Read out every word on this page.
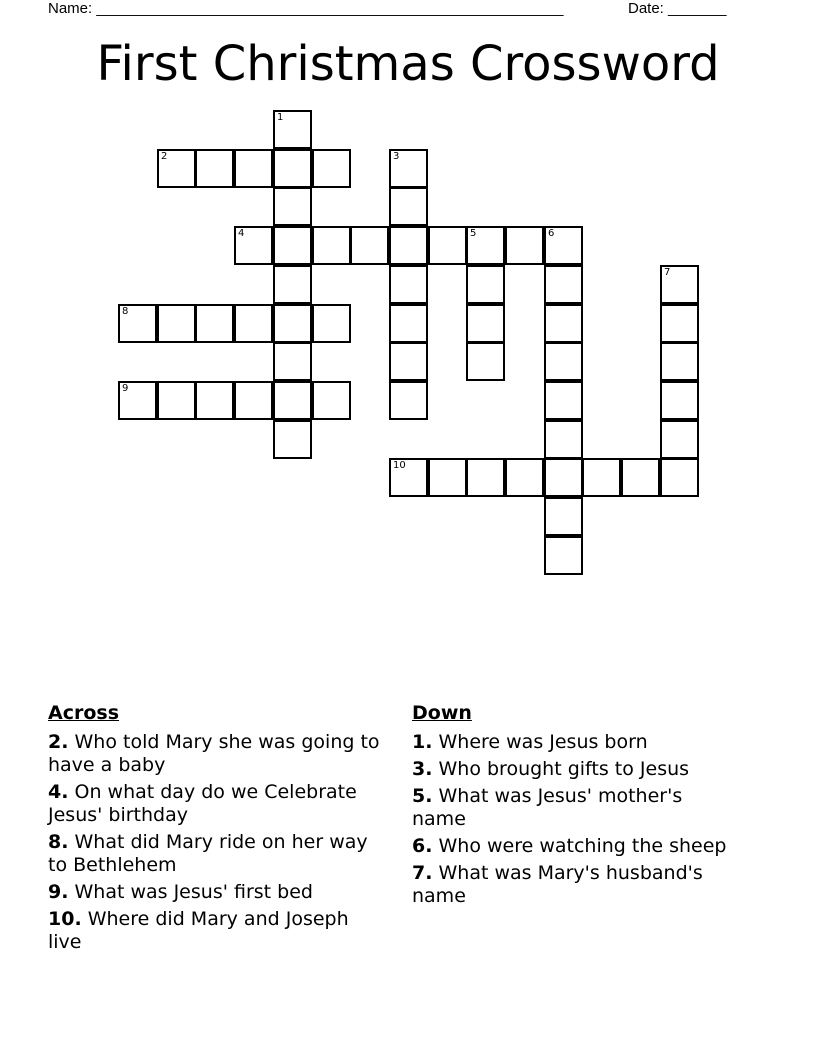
Name: ________________________________________________________	Date: _______
First Christmas Crossword
1
2	3
4	5	6
7
8
9
10
Across
2. Who told Mary she was going to have a baby
4. On what day do we Celebrate Jesus' birthday
8. What did Mary ride on her way to Bethlehem
9. What was Jesus' first bed
10. Where did Mary and Joseph live
Down
1. Where was Jesus born
3. Who brought gifts to Jesus
5. What was Jesus' mother's name
6. Who were watching the sheep
7. What was Mary's husband's name
